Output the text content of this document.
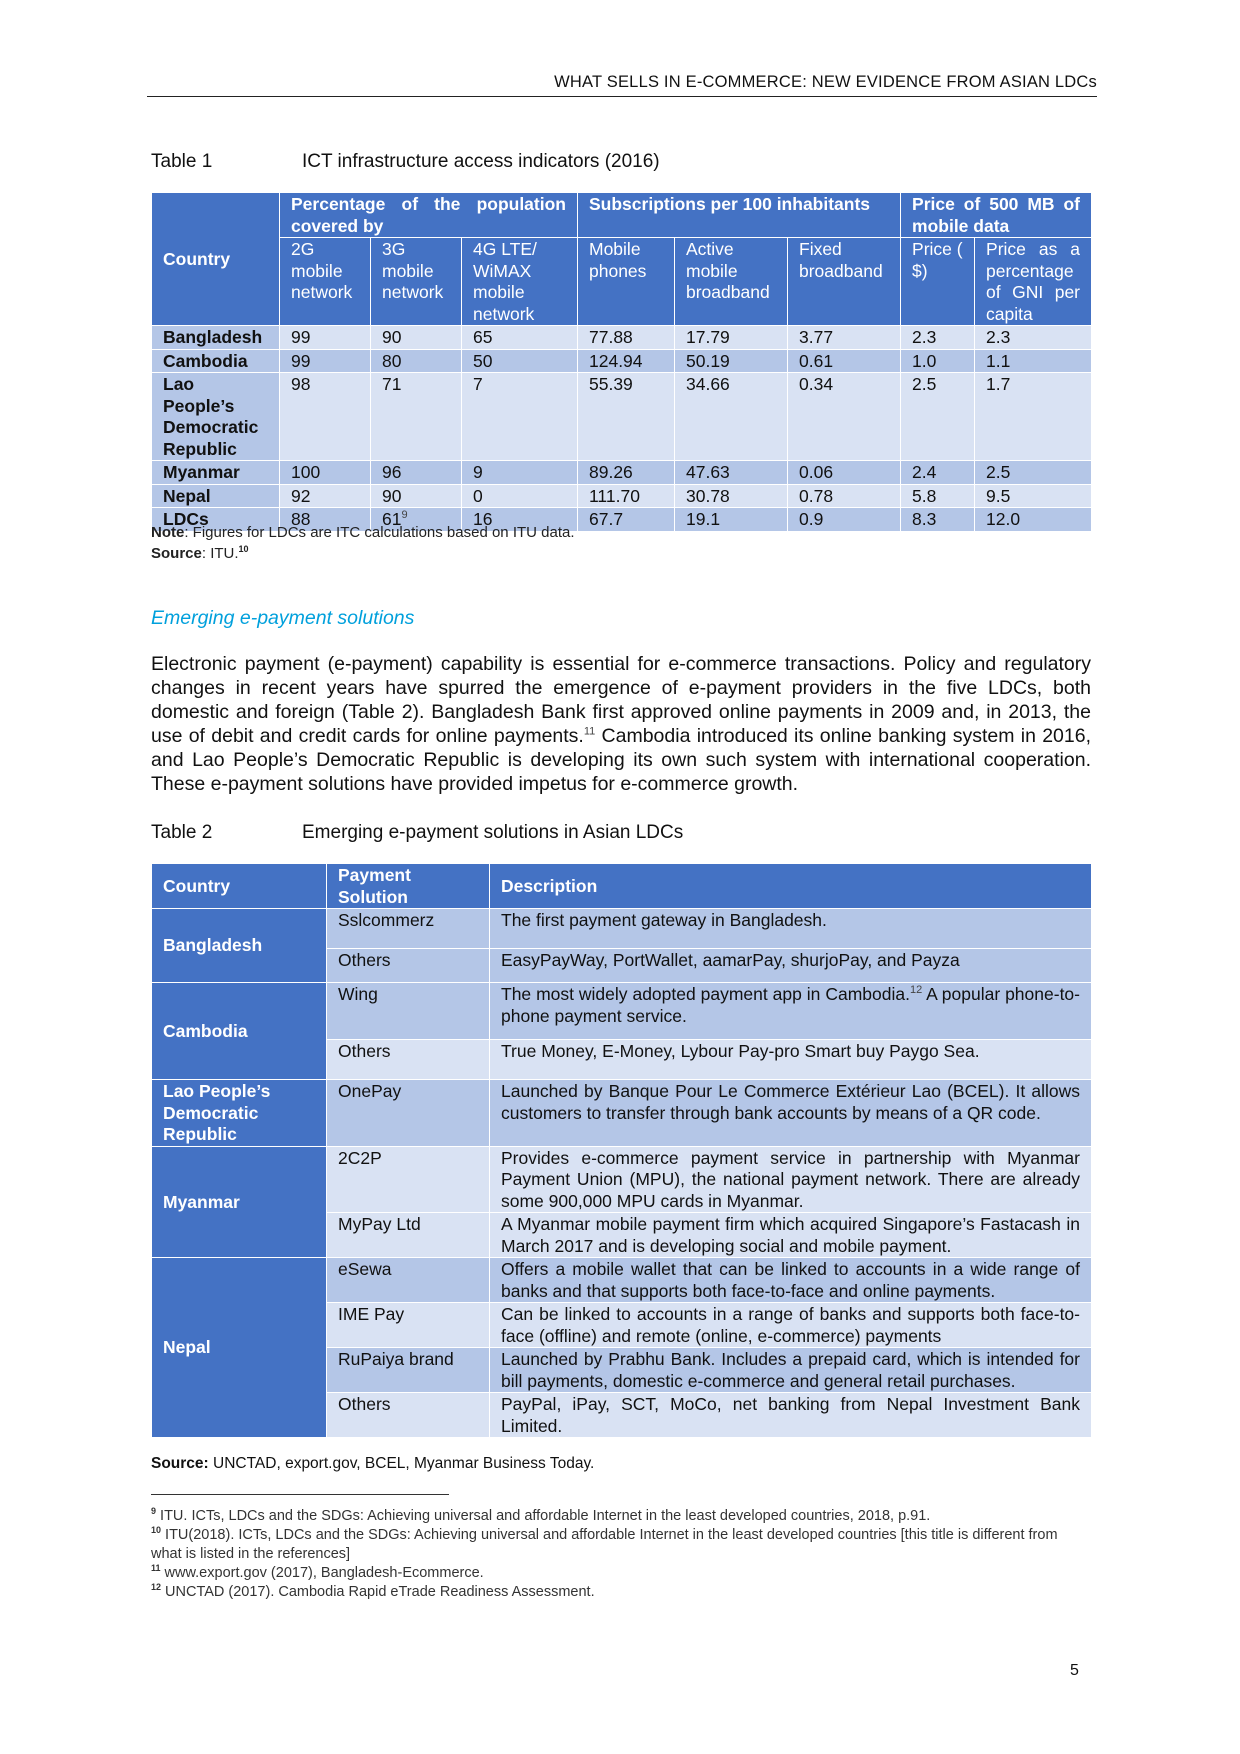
WHAT SELLS IN E-COMMERCE: NEW EVIDENCE FROM ASIAN LDCs
Table 1	ICT infrastructure access indicators (2016)
Country	Percentage of the population covered by			Subscriptions per 100 inhabitants			Price of 500 MB of mobile data	
	2G mobile network	3G mobile network	4G LTE/ WiMAX mobile network	Mobile phones	Active mobile broadband	Fixed broadband	Price ( $)	Price as a percentage of GNI per capita
Bangladesh	99	90	65	77.88	17.79	3.77	2.3	2.3
Cambodia	99	80	50	124.94	50.19	0.61	1.0	1.1
Lao People’s Democratic Republic	98	71	7	55.39	34.66	0.34	2.5	1.7
Myanmar	100	96	9	89.26	47.63	0.06	2.4	2.5
Nepal	92	90	0	111.70	30.78	0.78	5.8	9.5
LDCs	88	$61^9$	16	67.7	19.1	0.9	8.3	12.0
Note: Figures for LDCs are ITC calculations based on ITU data.
Source: ITU.$^{10}$
Emerging e-payment solutions
Electronic payment (e-payment) capability is essential for e-commerce transactions. Policy and regulatory changes in recent years have spurred the emergence of e-payment providers in the five LDCs, both domestic and foreign (Table 2). Bangladesh Bank first approved online payments in 2009 and, in 2013, the use of debit and credit cards for online payments.$^{11}$ Cambodia introduced its online banking system in 2016, and Lao People’s Democratic Republic is developing its own such system with international cooperation. These e-payment solutions have provided impetus for e-commerce growth.
Table 2	Emerging e-payment solutions in Asian LDCs
Country	Payment Solution	Description
Bangladesh	Sslcommerz	The first payment gateway in Bangladesh.
	Others	EasyPayWay, PortWallet, aamarPay, shurjoPay, and Payza
Cambodia	Wing	The most widely adopted payment app in Cambodia.$^{12}$ A popular phone-to-phone payment service.
	Others	True Money, E-Money, Lybour Pay-pro Smart buy Paygo Sea.
Lao People’s Democratic Republic	OnePay	Launched by Banque Pour Le Commerce Extérieur Lao (BCEL). It allows customers to transfer through bank accounts by means of a QR code.
Myanmar	2C2P	Provides e-commerce payment service in partnership with Myanmar Payment Union (MPU), the national payment network. There are already some 900,000 MPU cards in Myanmar.
	MyPay Ltd	A Myanmar mobile payment firm which acquired Singapore’s Fastacash in March 2017 and is developing social and mobile payment.
Nepal	eSewa	Offers a mobile wallet that can be linked to accounts in a wide range of banks and that supports both face-to-face and online payments.
	IME Pay	Can be linked to accounts in a range of banks and supports both face-to-face (offline) and remote (online, e-commerce) payments
	RuPaiya brand	Launched by Prabhu Bank. Includes a prepaid card, which is intended for bill payments, domestic e-commerce and general retail purchases.
	Others	PayPal, iPay, SCT, MoCo, net banking from Nepal Investment Bank Limited.
Source: UNCTAD, export.gov, BCEL, Myanmar Business Today.
$^9$ ITU. ICTs, LDCs and the SDGs: Achieving universal and affordable Internet in the least developed countries, 2018, p.91.
$^{10}$ ITU(2018). ICTs, LDCs and the SDGs: Achieving universal and affordable Internet in the least developed countries [this title is different from what is listed in the references]
$^{11}$ www.export.gov (2017), Bangladesh-Ecommerce.
$^{12}$ UNCTAD (2017). Cambodia Rapid eTrade Readiness Assessment.
5
